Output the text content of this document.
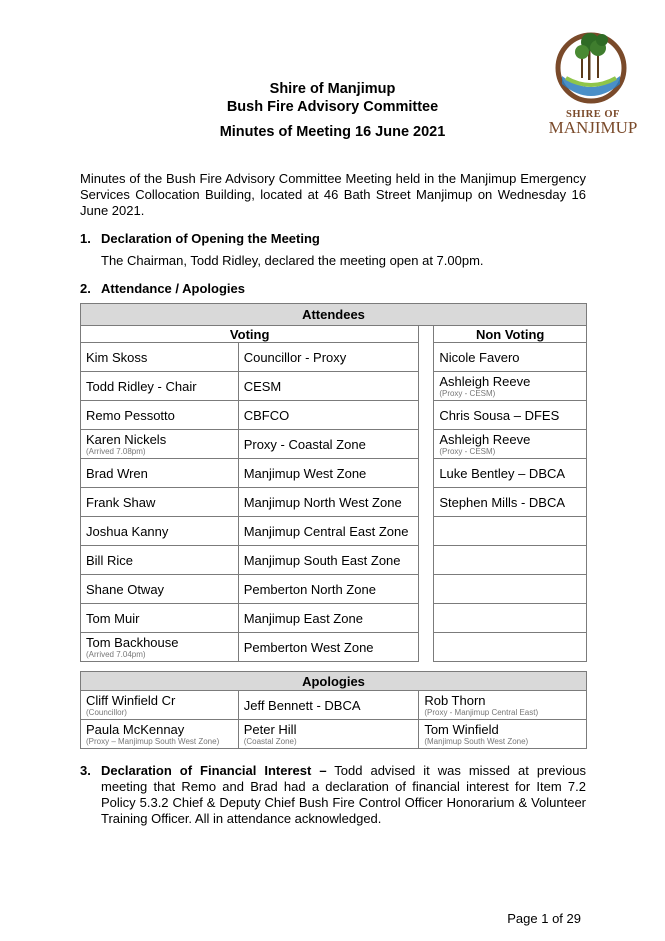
Shire of Manjimup
Bush Fire Advisory Committee
Minutes of Meeting 16 June 2021
SHIRE OF
MANJIMUP
Minutes of the Bush Fire Advisory Committee Meeting held in the Manjimup Emergency Services Collocation Building, located at 46 Bath Street Manjimup on Wednesday 16 June 2021.
1. Declaration of Opening the Meeting
The Chairman, Todd Ridley, declared the meeting open at 7.00pm.
2. Attendance / Apologies
Attendees			
Voting			Non Voting
Kim Skoss	Councillor - Proxy		Nicole Favero
Todd Ridley - Chair	CESM		Ashleigh Reeve
(Proxy - CESM)

Remo Pessotto	CBFCO		Chris Sousa – DFES
Karen Nickels
(Arrived 7.08pm)	Proxy - Coastal Zone		Ashleigh Reeve
(Proxy - CESM)

Brad Wren	Manjimup West Zone		Luke Bentley – DBCA
Frank Shaw	Manjimup North West Zone		Stephen Mills - DBCA
Joshua Kanny	Manjimup Central East Zone		
Bill Rice	Manjimup South East Zone		
Shane Otway	Pemberton North Zone		
Tom Muir	Manjimup East Zone		
Tom Backhouse
(Arrived 7.04pm)	Pemberton West Zone		
Apologies		
Cliff Winfield Cr
(Councillor)	Jeff Bennett - DBCA	Rob Thorn
(Proxy - Manjimup Central East)

Paula McKennay
(Proxy – Manjimup South West Zone)	Peter Hill
(Coastal Zone)	Tom Winfield
(Manjimup South West Zone)
3. Declaration of Financial Interest – Todd advised it was missed at previous meeting that Remo and Brad had a declaration of financial interest for Item 7.2 Policy 5.3.2 Chief & Deputy Chief Bush Fire Control Officer Honorarium & Volunteer Training Officer. All in attendance acknowledged.
Page 1 of 29
